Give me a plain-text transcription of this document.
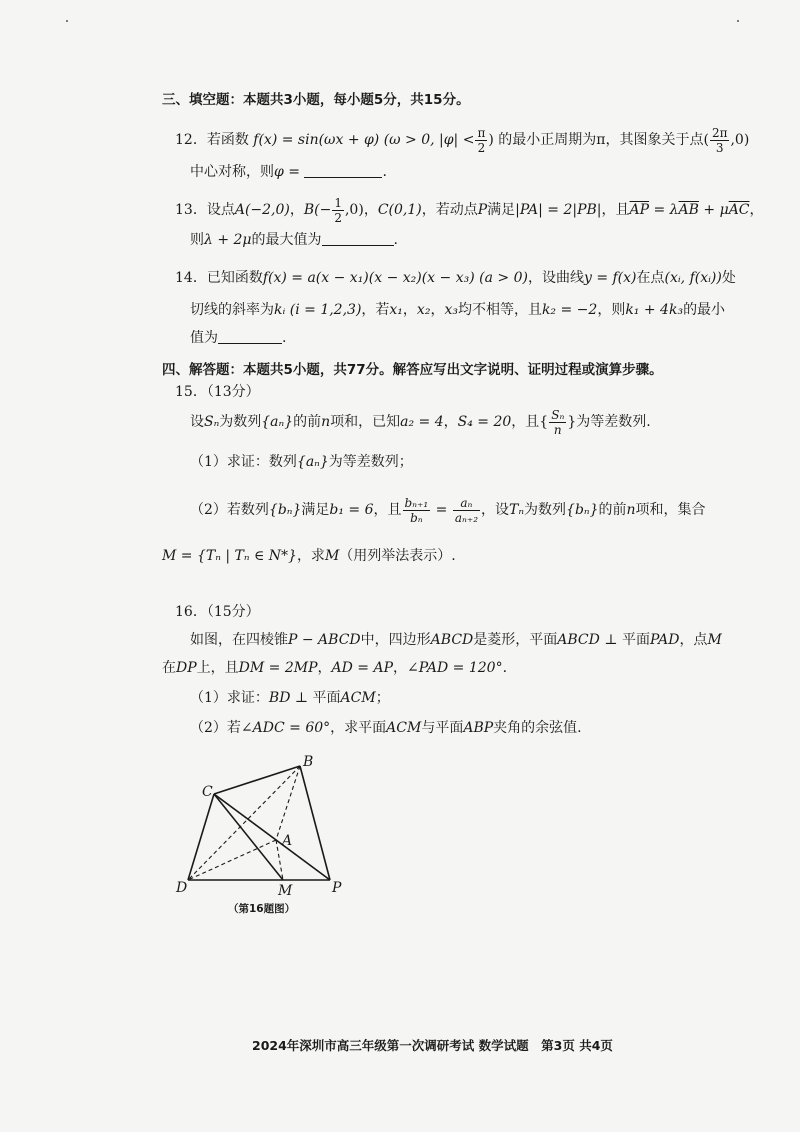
三、填空题：本题共3小题，每小题5分，共15分。
12．若函数 f(x) = sin(ωx + φ) (ω > 0, $|\varphi| < \frac{\pi}{2}$ ) 的最小正周期为π，其图象关于点( $\frac{2\pi}{3} ,0$)
中心对称，则φ =	.
13．设点A(−2,0)，$B(- \frac{1}{2} ,0)$，C(0,1)，若动点P满足|PA| = 2|PB|，且$\overline{AP} = \lambda\overline{AB} + \mu\overline{AC}$，
则λ + 2μ的最大值为	.
14．已知函数f(x) = a(x − x₁)(x − x₂)(x − x₃) (a > 0)，设曲线y = f(x)在点(xᵢ, f(xᵢ))处
切线的斜率为kᵢ (i = 1,2,3)，若x₁，x₂，x₃均不相等，且k₂ = −2，则k₁ + 4k₃的最小
值为	.
四、解答题：本题共5小题，共77分。解答应写出文字说明、证明过程或演算步骤。
15．（13分）
设Sₙ为数列{aₙ}的前n项和，已知a₂ = 4，S₄ = 20，且{ $\frac{\text{Sₙ}}{n}$ }为等差数列.
（1）求证：数列{aₙ}为等差数列；
（2）若数列{bₙ}满足b₁ = 6，且 $\frac{\text{bₙ₊₁}}{\text{bₙ}} = \frac{\text{aₙ}}{\text{aₙ₊₂}}$ ，设Tₙ为数列{bₙ}的前n项和，集合
M = {Tₙ | Tₙ ∈ N*}，求M（用列举法表示）.
16．（15分）
如图，在四棱锥P − ABCD中，四边形ABCD是菱形，平面ABCD ⊥ 平面PAD，点M
在DP上，且DM = 2MP，AD = AP，∠PAD = 120°.
（1）求证：BD ⊥ 平面ACM；
（2）若∠ADC = 60°，求平面ACM与平面ABP夹角的余弦值.
B
C
A
D	M	P
（第16题图）
2024年深圳市高三年级第一次调研考试 数学试题　第3页 共4页
